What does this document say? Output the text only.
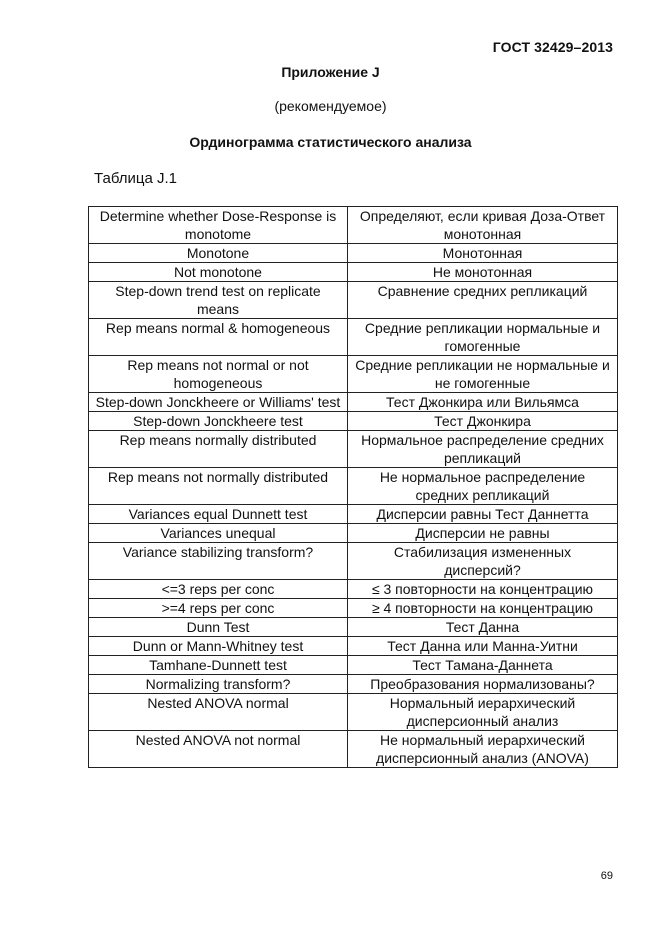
ГОСТ 32429–2013
Приложение J
(рекомендуемое)
Ординограмма статистического анализа
Таблица J.1
Determine whether Dose-Response is monotome	Определяют, если кривая Доза-Ответ монотонная
Monotone	Монотонная
Not monotone	Не монотонная
Step-down trend test on replicate means	Сравнение средних репликаций
Rep means normal & homogeneous	Средние репликации нормальные и гомогенные
Rep means not normal or not homogeneous	Средние репликации не нормальные и не гомогенные
Step-down Jonckheere or Williams' test	Тест Джонкира или Вильямса
Step-down Jonckheere test	Тест Джонкира
Rep means normally distributed	Нормальное распределение средних репликаций
Rep means not normally distributed	Не нормальное распределение средних репликаций
Variances equal Dunnett test	Дисперсии равны Тест Даннетта
Variances unequal	Дисперсии не равны
Variance stabilizing transform?	Стабилизация измененных дисперсий?
<=3 reps per conc	≤ 3 повторности на концентрацию
>=4 reps per conc	≥ 4 повторности на концентрацию
Dunn Test	Тест Данна
Dunn or Mann-Whitney test	Тест Данна или Манна-Уитни
Tamhane-Dunnett test	Тест Тамана-Даннета
Normalizing transform?	Преобразования нормализованы?
Nested ANOVA normal	Нормальный иерархический дисперсионный анализ
Nested ANOVA not normal	Не нормальный иерархический дисперсионный анализ (ANOVA)
69
